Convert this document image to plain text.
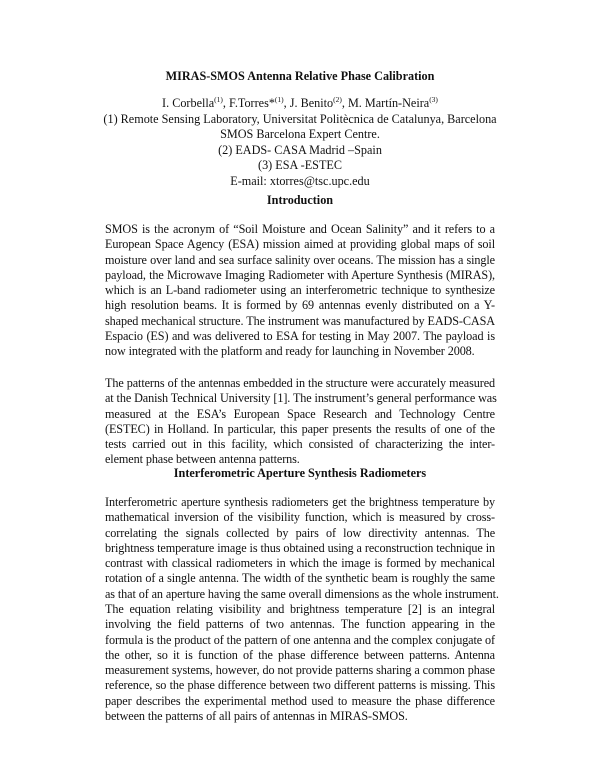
MIRAS-SMOS Antenna Relative Phase Calibration
I. Corbella$^{(1)}$, F.Torres*$^{(1)}$, J. Benito$^{(2)}$, M. Martín-Neira$^{(3)}$
(1) Remote Sensing Laboratory, Universitat Politècnica de Catalunya, Barcelona
SMOS Barcelona Expert Centre.
(2) EADS- CASA Madrid –Spain
(3) ESA -ESTEC
E-mail: xtorres@tsc.upc.edu
Introduction
SMOS is the acronym of “Soil Moisture and Ocean Salinity” and it refers to a
European Space Agency (ESA) mission aimed at providing global maps of soil
moisture over land and sea surface salinity over oceans. The mission has a single
payload, the Microwave Imaging Radiometer with Aperture Synthesis (MIRAS),
which is an L-band radiometer using an interferometric technique to synthesize
high resolution beams. It is formed by 69 antennas evenly distributed on a Y-
shaped mechanical structure. The instrument was manufactured by EADS-CASA
Espacio (ES) and was delivered to ESA for testing in May 2007. The payload is
now integrated with the platform and ready for launching in November 2008.
The patterns of the antennas embedded in the structure were accurately measured
at the Danish Technical University [1]. The instrument’s general performance was
measured at the ESA’s European Space Research and Technology Centre
(ESTEC) in Holland. In particular, this paper presents the results of one of the
tests carried out in this facility, which consisted of characterizing the inter-
element phase between antenna patterns.
Interferometric Aperture Synthesis Radiometers
Interferometric aperture synthesis radiometers get the brightness temperature by
mathematical inversion of the visibility function, which is measured by cross-
correlating the signals collected by pairs of low directivity antennas. The
brightness temperature image is thus obtained using a reconstruction technique in
contrast with classical radiometers in which the image is formed by mechanical
rotation of a single antenna. The width of the synthetic beam is roughly the same
as that of an aperture having the same overall dimensions as the whole instrument.
The equation relating visibility and brightness temperature [2] is an integral
involving the field patterns of two antennas. The function appearing in the
formula is the product of the pattern of one antenna and the complex conjugate of
the other, so it is function of the phase difference between patterns. Antenna
measurement systems, however, do not provide patterns sharing a common phase
reference, so the phase difference between two different patterns is missing. This
paper describes the experimental method used to measure the phase difference
between the patterns of all pairs of antennas in MIRAS-SMOS.
